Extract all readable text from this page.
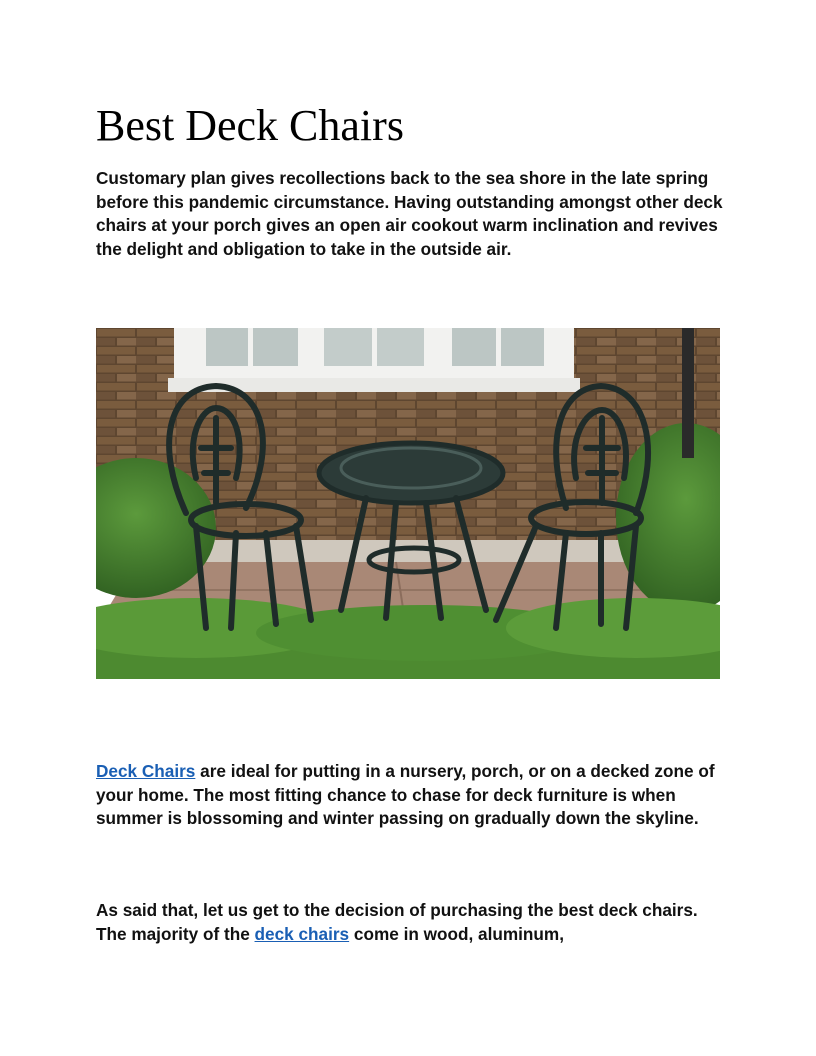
Best Deck Chairs

Customary plan gives recollections back to the sea shore in the late spring before this pandemic circumstance. Having outstanding amongst other deck chairs at your porch gives an open air cookout warm inclination and revives the delight and obligation to take in the outside air.

Deck Chairs are ideal for putting in a nursery, porch, or on a decked zone of your home. The most fitting chance to chase for deck furniture is when summer is blossoming and winter passing on gradually down the skyline.

As said that, let us get to the decision of purchasing the best deck chairs. The majority of the deck chairs come in wood, aluminum,
